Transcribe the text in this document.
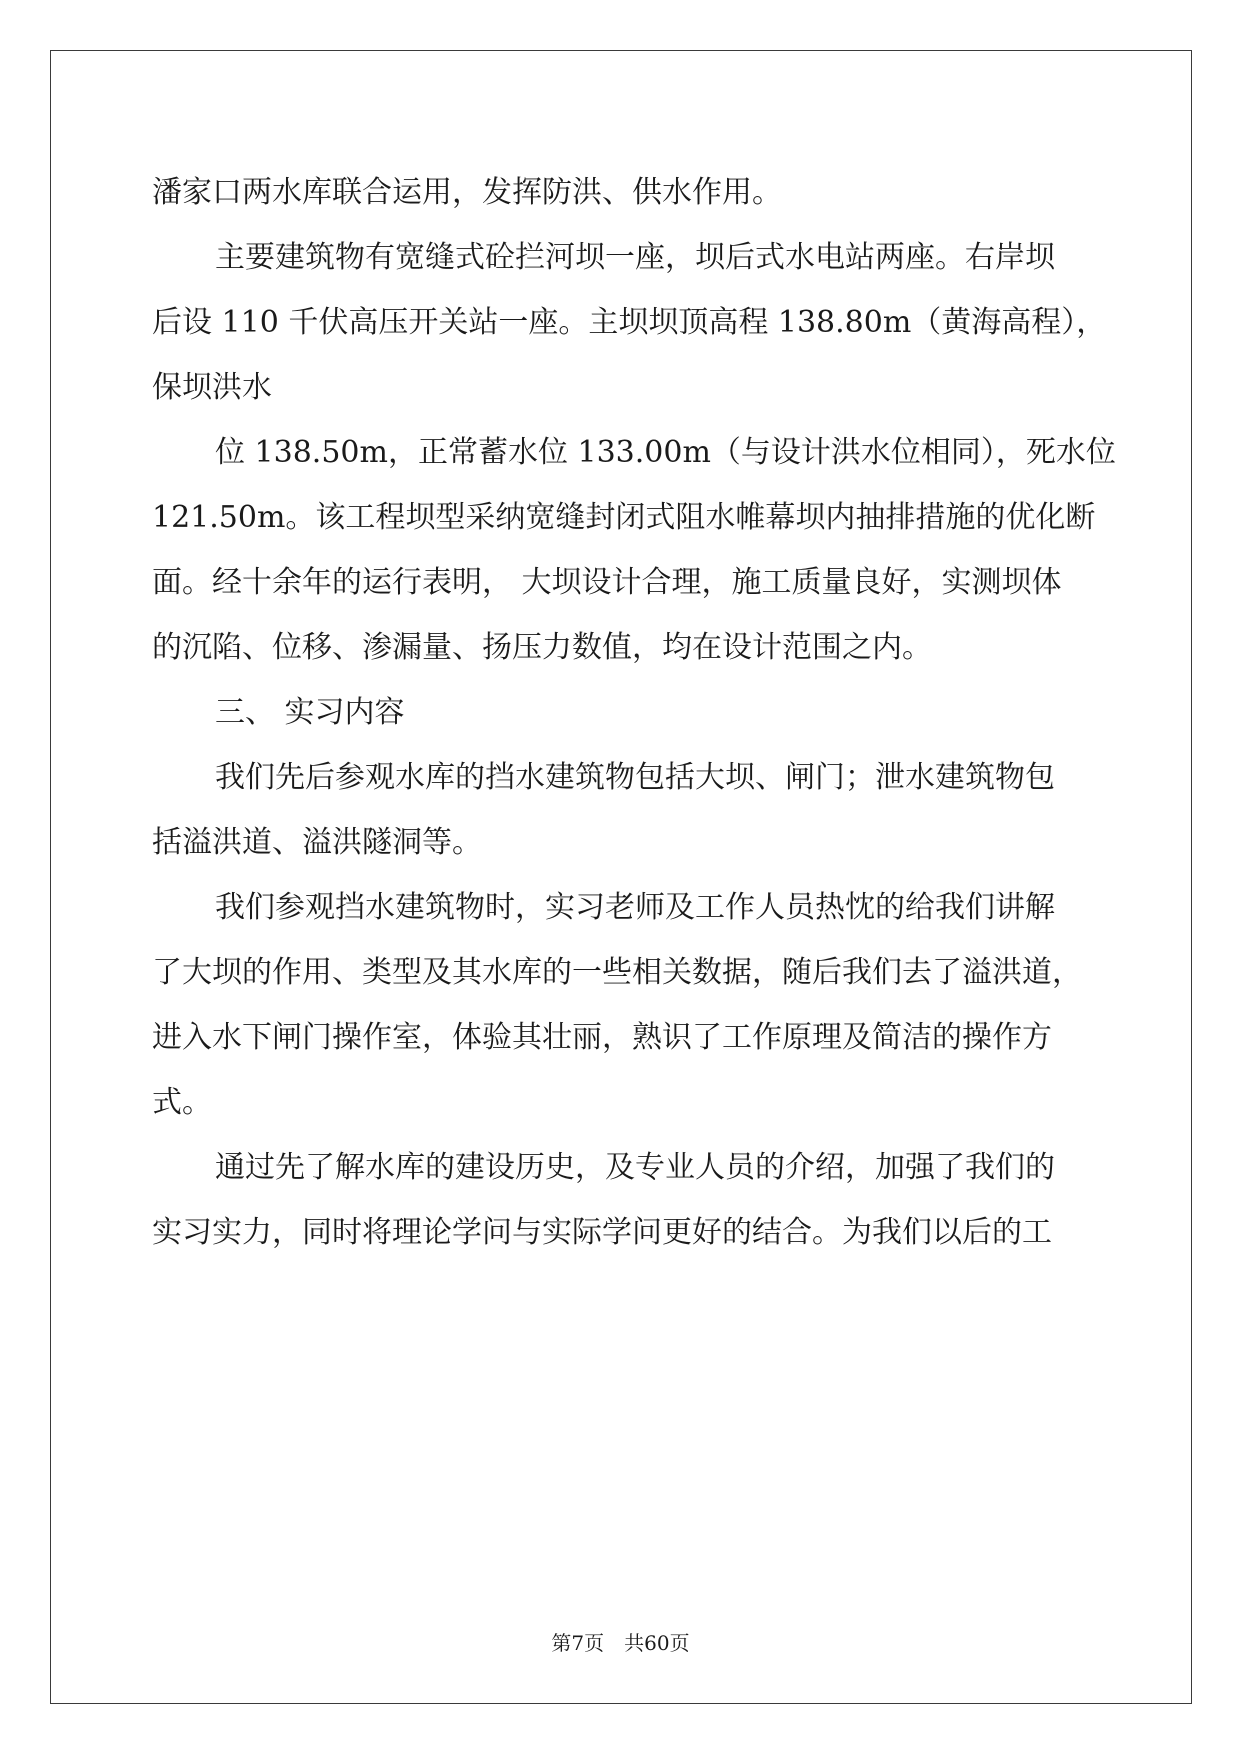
潘家口两水库联合运用，发挥防洪、供水作用。
主要建筑物有宽缝式砼拦河坝一座，坝后式水电站两座。右岸坝
后设 110 千伏高压开关站一座。主坝坝顶高程 138.80m（黄海高程），
保坝洪水
位 138.50m，正常蓄水位 133.00m（与设计洪水位相同），死水位
121.50m。该工程坝型采纳宽缝封闭式阻水帷幕坝内抽排措施的优化断
面。经十余年的运行表明， 大坝设计合理，施工质量良好，实测坝体
的沉陷、位移、渗漏量、扬压力数值，均在设计范围之内。
三、 实习内容
我们先后参观水库的挡水建筑物包括大坝、闸门；泄水建筑物包
括溢洪道、溢洪隧洞等。
我们参观挡水建筑物时，实习老师及工作人员热忱的给我们讲解
了大坝的作用、类型及其水库的一些相关数据，随后我们去了溢洪道，
进入水下闸门操作室，体验其壮丽，熟识了工作原理及简洁的操作方
式。
通过先了解水库的建设历史，及专业人员的介绍，加强了我们的
实习实力，同时将理论学问与实际学问更好的结合。为我们以后的工
第7页　共60页
